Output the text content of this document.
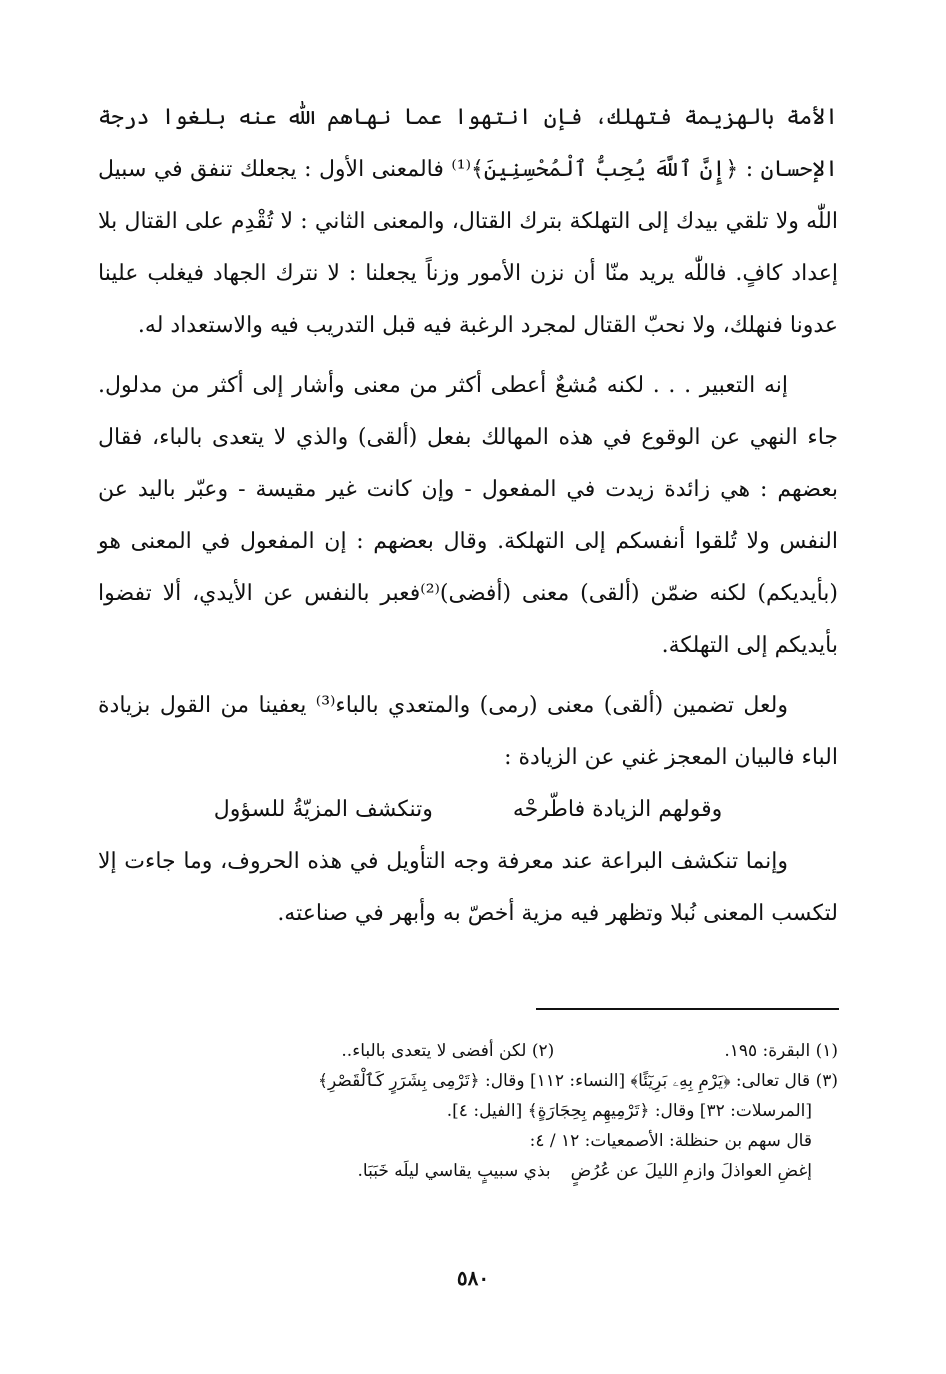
الأمة بالهزيمة فتهلك، فإن انتهوا عما نهاهم اللّٰه عنه بلغوا درجة الإحسان : ﴿إِنَّ ٱللَّهَ يُحِبُّ ٱلْمُحْسِنِينَ﴾⁽¹⁾ فالمعنى الأول : يجعلك تنفق في سبيل اللّٰه ولا تلقي بيدك إلى التهلكة بترك القتال، والمعنى الثاني : لا تُقْدِم على القتال بلا إعداد كافٍ. فاللّٰه يريد منّا أن نزن الأمور وزناً يجعلنا : لا نترك الجهاد فيغلب علينا عدونا فنهلك، ولا نحبّ القتال لمجرد الرغبة فيه قبل التدريب فيه والاستعداد له.

إنه التعبير . . . لكنه مُشعٌ أعطى أكثر من معنى وأشار إلى أكثر من مدلول. جاء النهي عن الوقوع في هذه المهالك بفعل (ألقى) والذي لا يتعدى بالباء، فقال بعضهم : هي زائدة زيدت في المفعول - وإن كانت غير مقيسة - وعبّر باليد عن النفس ولا تُلقوا أنفسكم إلى التهلكة. وقال بعضهم : إن المفعول في المعنى هو (بأيديكم) لكنه ضمّن (ألقى) معنى (أفضى)⁽²⁾فعبر بالنفس عن الأيدي، ألا تفضوا بأيديكم إلى التهلكة.

ولعل تضمين (ألقى) معنى (رمى) والمتعدي بالباء⁽³⁾ يعفينا من القول بزيادة الباء فالبيان المعجز غني عن الزيادة :

وقولهم الزيادة فاطّرحْه
وتنكشف المزيّةُ للسؤول

وإنما تنكشف البراعة عند معرفة وجه التأويل في هذه الحروف، وما جاءت إلا لتكسب المعنى نُبلا وتظهر فيه مزية أخصّ به وأبهر في صناعته.

(١) البقرة: ١٩٥.
(٢) لكن أفضى لا يتعدى بالباء..

(٣) قال تعالى: ﴿يَرْمِ بِهِۦ بَرِيٓئًا﴾ [النساء: ١١٢] وقال: ﴿تَرْمِى بِشَرَرٍ كَٱلْقَصْرِ﴾

[المرسلات: ٣٢] وقال: ﴿تَرْمِيهِم بِحِجَارَةٍ﴾ [الفيل: ٤].

قال سهم بن حنظلة: الأصمعيات: ١٢ / ٤:

إغضِ العواذلَ وازمِ الليلَ عن عُرُضٍ
بذي سبيبٍ يقاسي ليلَه خَبَبَا.
٥٨٠
